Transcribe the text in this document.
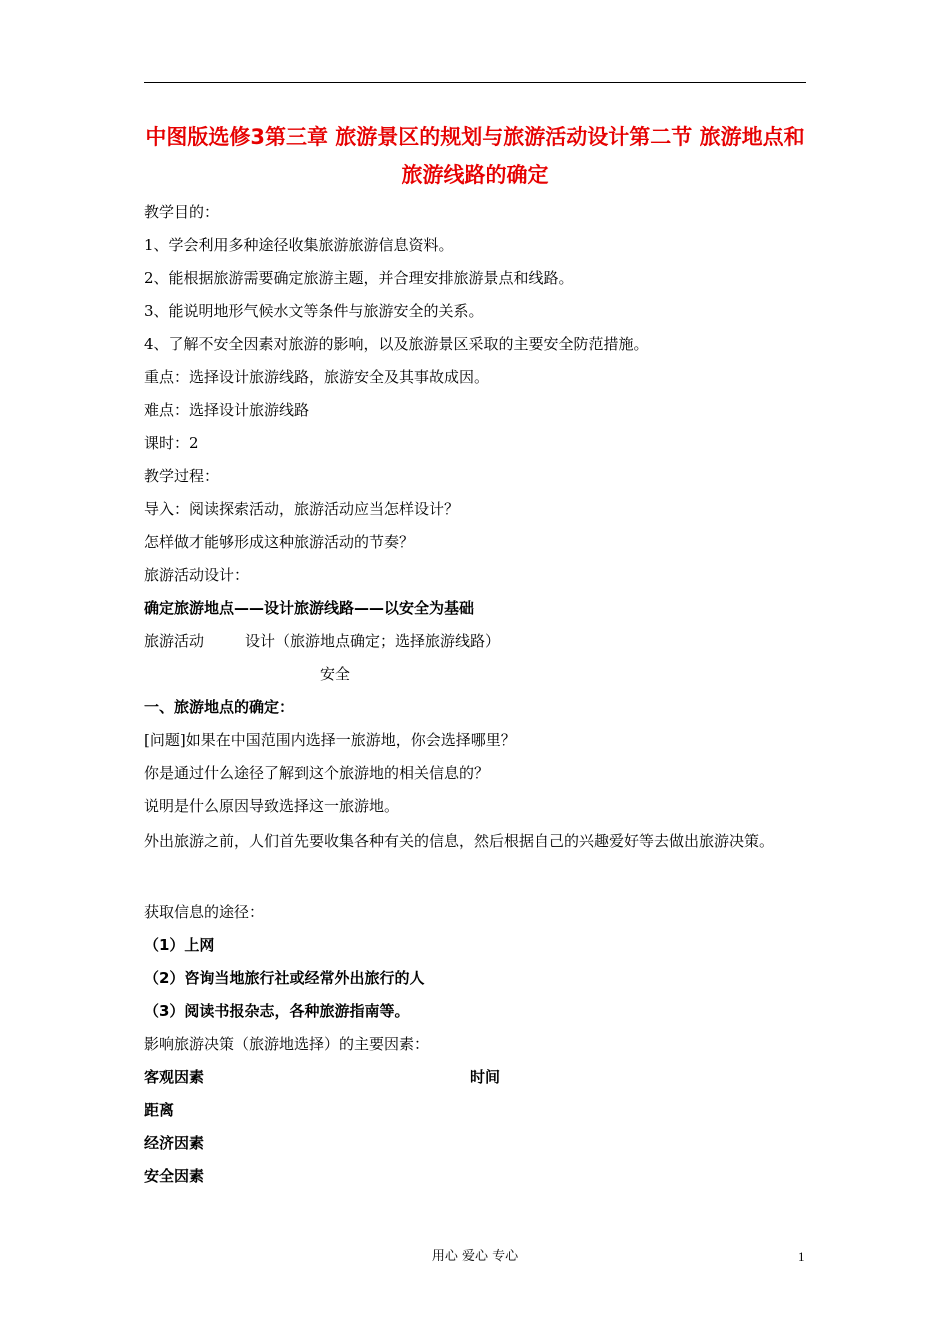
中图版选修3第三章 旅游景区的规划与旅游活动设计第二节 旅游地点和旅游线路的确定

教学目的：

1、学会利用多种途径收集旅游旅游信息资料。

2、能根据旅游需要确定旅游主题，并合理安排旅游景点和线路。

3、能说明地形气候水文等条件与旅游安全的关系。

4、了解不安全因素对旅游的影响，以及旅游景区采取的主要安全防范措施。

重点：选择设计旅游线路，旅游安全及其事故成因。

难点：选择设计旅游线路

课时：2

教学过程：

导入：阅读探索活动，旅游活动应当怎样设计？

怎样做才能够形成这种旅游活动的节奏？

旅游活动设计：

确定旅游地点——设计旅游线路——以安全为基础

旅游活动	设计（旅游地点确定；选择旅游线路）

安全

一、旅游地点的确定：

[问题]如果在中国范围内选择一旅游地，你会选择哪里？

你是通过什么途径了解到这个旅游地的相关信息的？

说明是什么原因导致选择这一旅游地。

外出旅游之前，人们首先要收集各种有关的信息，然后根据自己的兴趣爱好等去做出旅游决策。

获取信息的途径：

（1）上网

（2）咨询当地旅行社或经常外出旅行的人

（3）阅读书报杂志，各种旅游指南等。

影响旅游决策（旅游地选择）的主要因素：

客观因素	时间

距离

经济因素

安全因素

用心 爱心 专心	1
